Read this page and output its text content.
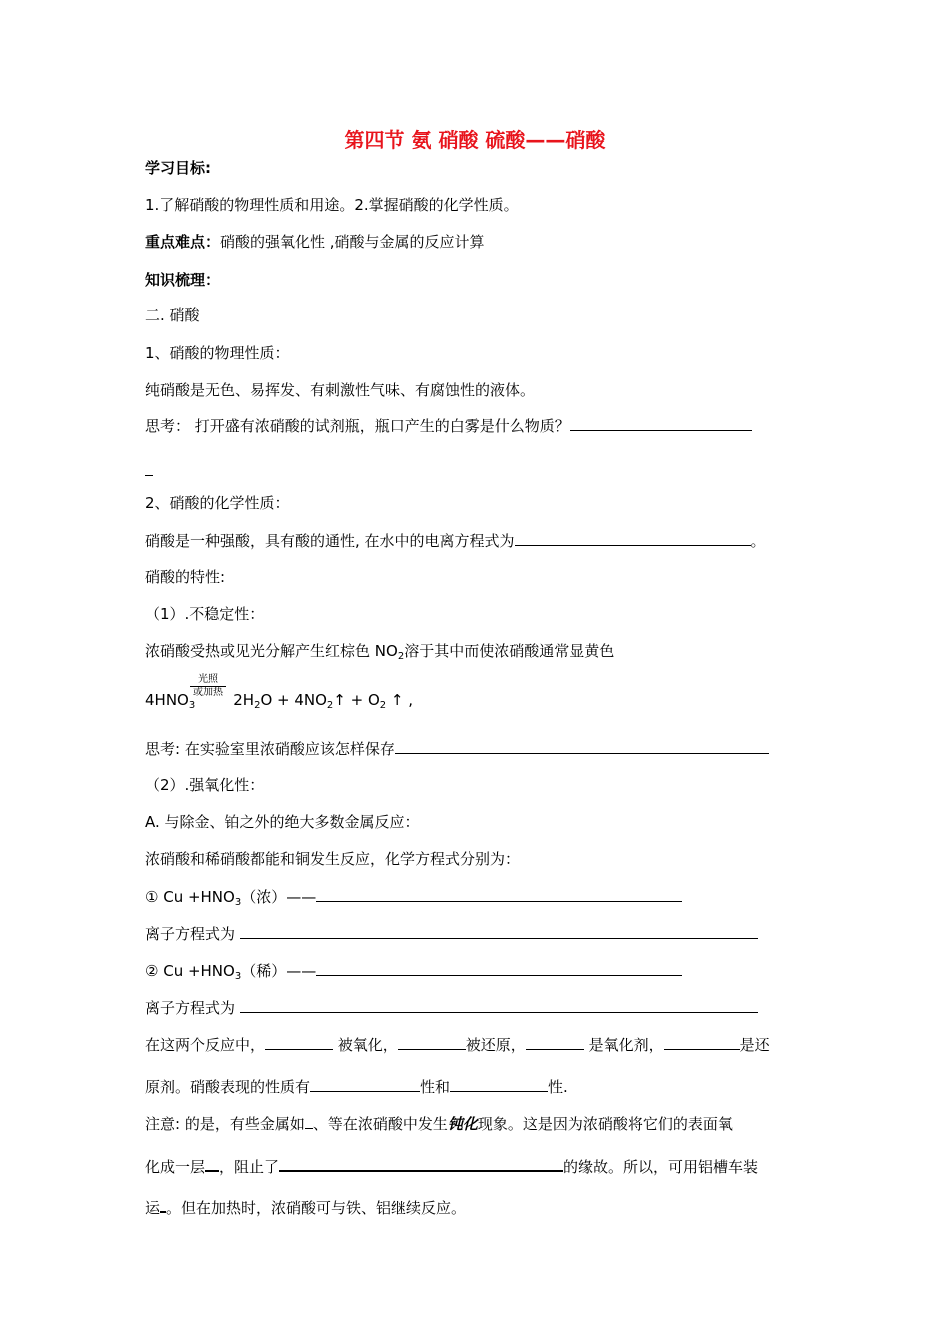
第四节 氨 硝酸 硫酸——硝酸
学习目标:
1.了解硝酸的物理性质和用途。2.掌握硝酸的化学性质。
重点难点：硝酸的强氧化性 ,硝酸与金属的反应计算
知识梳理：
二. 硝酸
1、硝酸的物理性质：
纯硝酸是无色、易挥发、有刺激性气味、有腐蚀性的液体。
思考： 打开盛有浓硝酸的试剂瓶，瓶口产生的白雾是什么物质？
2、硝酸的化学性质：
硝酸是一种强酸，具有酸的通性, 在水中的电离方程式为	。
硝酸的特性:
（1）.不稳定性：
浓硝酸受热或见光分解产生红棕色 $NO_2$溶于其中而使浓硝酸通常显黄色
光照
或加热
$4HNO_3$	$2H_2O$ + $4NO_2↑ + O_2$ ↑ ,
思考: 在实验室里浓硝酸应该怎样保存
（2）.强氧化性：
A. 与除金、铂之外的绝大多数金属反应：
浓硝酸和稀硝酸都能和铜发生反应，化学方程式分别为：
① $Cu +HNO_3$（浓）——
离子方程式为
② $Cu +HNO_3$（稀）——
离子方程式为
在这两个反应中，	被氧化，	被还原，	是氧化剂，	是还
原剂。硝酸表现的性质有	性和	性.
注意: 的是，有些金属如 、等在浓硝酸中发生钝化现象。这是因为浓硝酸将它们的表面氧
化成一层 ，阻止了	的缘故。所以，可用铝槽车装
运 。但在加热时，浓硝酸可与铁、铝继续反应。
